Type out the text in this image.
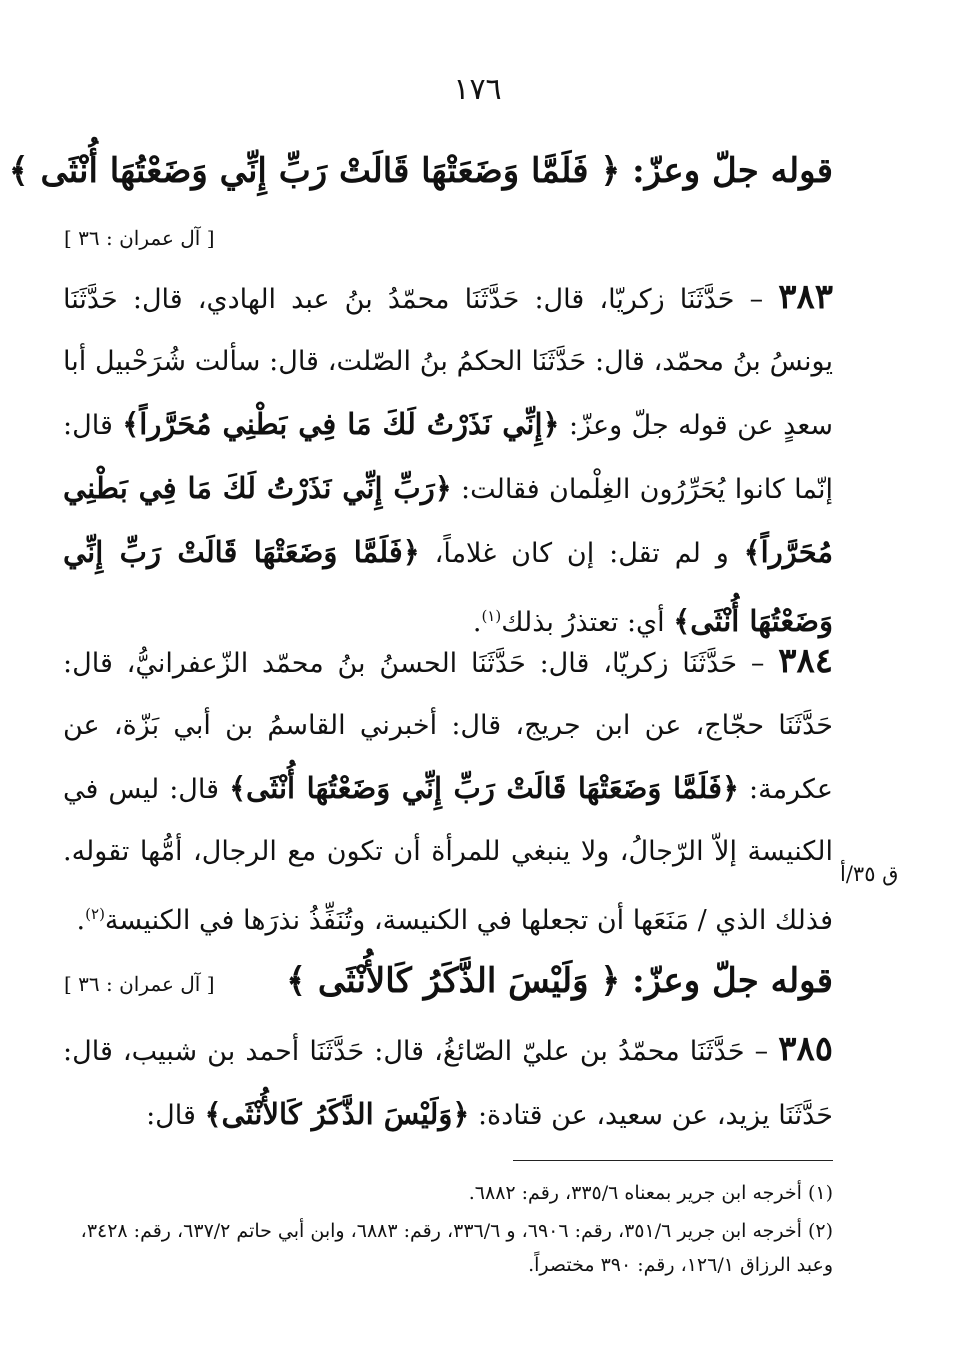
١٧٦
قوله جلّ وعزّ: ﴿ فَلَمَّا وَضَعَتْهَا قَالَتْ رَبِّ إِنِّي وَضَعْتُهَا أُنْثَى ﴾
[ آل عمران : ٣٦ ]
٣٨٣ – حَدَّثَنَا زكريّا، قال: حَدَّثَنَا محمّدُ بنُ عبد الهادي، قال: حَدَّثَنَا يونسُ بنُ محمّد، قال: حَدَّثَنَا الحكمُ بنُ الصّلت، قال: سألت شُرَحْبيل أبا سعدٍ عن قوله جلّ وعزّ: ﴿إِنِّي نَذَرْتُ لَكَ مَا فِي بَطْنِي مُحَرَّراً﴾ قال: إنّما كانوا يُحَرِّرُون الغِلْمان فقالت: ﴿رَبِّ إِنِّي نَذَرْتُ لَكَ مَا فِي بَطْنِي مُحَرَّراً﴾ و لم تقل: إن كان غلاماً، ﴿فَلَمَّا وَضَعَتْهَا قَالَتْ رَبِّ إِنِّي وَضَعْتُهَا أُنْثَى﴾ أي: تعتذرُ بذلك$^{(١)}$.
٣٨٤ – حَدَّثَنَا زكريّا، قال: حَدَّثَنَا الحسنُ بنُ محمّد الزّعفرانيُّ، قال: حَدَّثَنَا حجّاج، عن ابن جريج، قال: أخبرني القاسمُ بن أبي بَزّة، عن عكرمة: ﴿فَلَمَّا وَضَعَتْهَا قَالَتْ رَبِّ إِنِّي وَضَعْتُهَا أُنْثَى﴾ قال: ليس في الكنيسة إلاّ الرّجالُ، ولا ينبغي للمرأة أن تكون مع الرجال، أمُّها تقوله. فذلك الذي / مَنَعَها أن تجعلها في الكنيسة، وتُنَفِّذُ نذرَها في الكنيسة$^{(٢)}$.
ق ٣٥/أ
قوله جلّ وعزّ: ﴿ وَلَيْسَ الذَّكَرُ كَالأُنْثَى ﴾
[ آل عمران : ٣٦ ]
٣٨٥ – حَدَّثَنَا محمّدُ بن عليّ الصّائغُ، قال: حَدَّثَنَا أحمد بن شبيب، قال: حَدَّثَنَا يزيد، عن سعيد، عن قتادة: ﴿وَلَيْسَ الذَّكَرُ كَالأُنْثَى﴾ قال:
(١) أخرجه ابن جرير بمعناه ٣٣٥/٦، رقم: ٦٨٨٢.
(٢) أخرجه ابن جرير ٣٥١/٦، رقم: ٦٩٠٦، و ٣٣٦/٦، رقم: ٦٨٨٣، وابن أبي حاتم ٦٣٧/٢، رقم: ٣٤٢٨، وعبد الرزاق ١٢٦/١، رقم: ٣٩٠ مختصراً.
